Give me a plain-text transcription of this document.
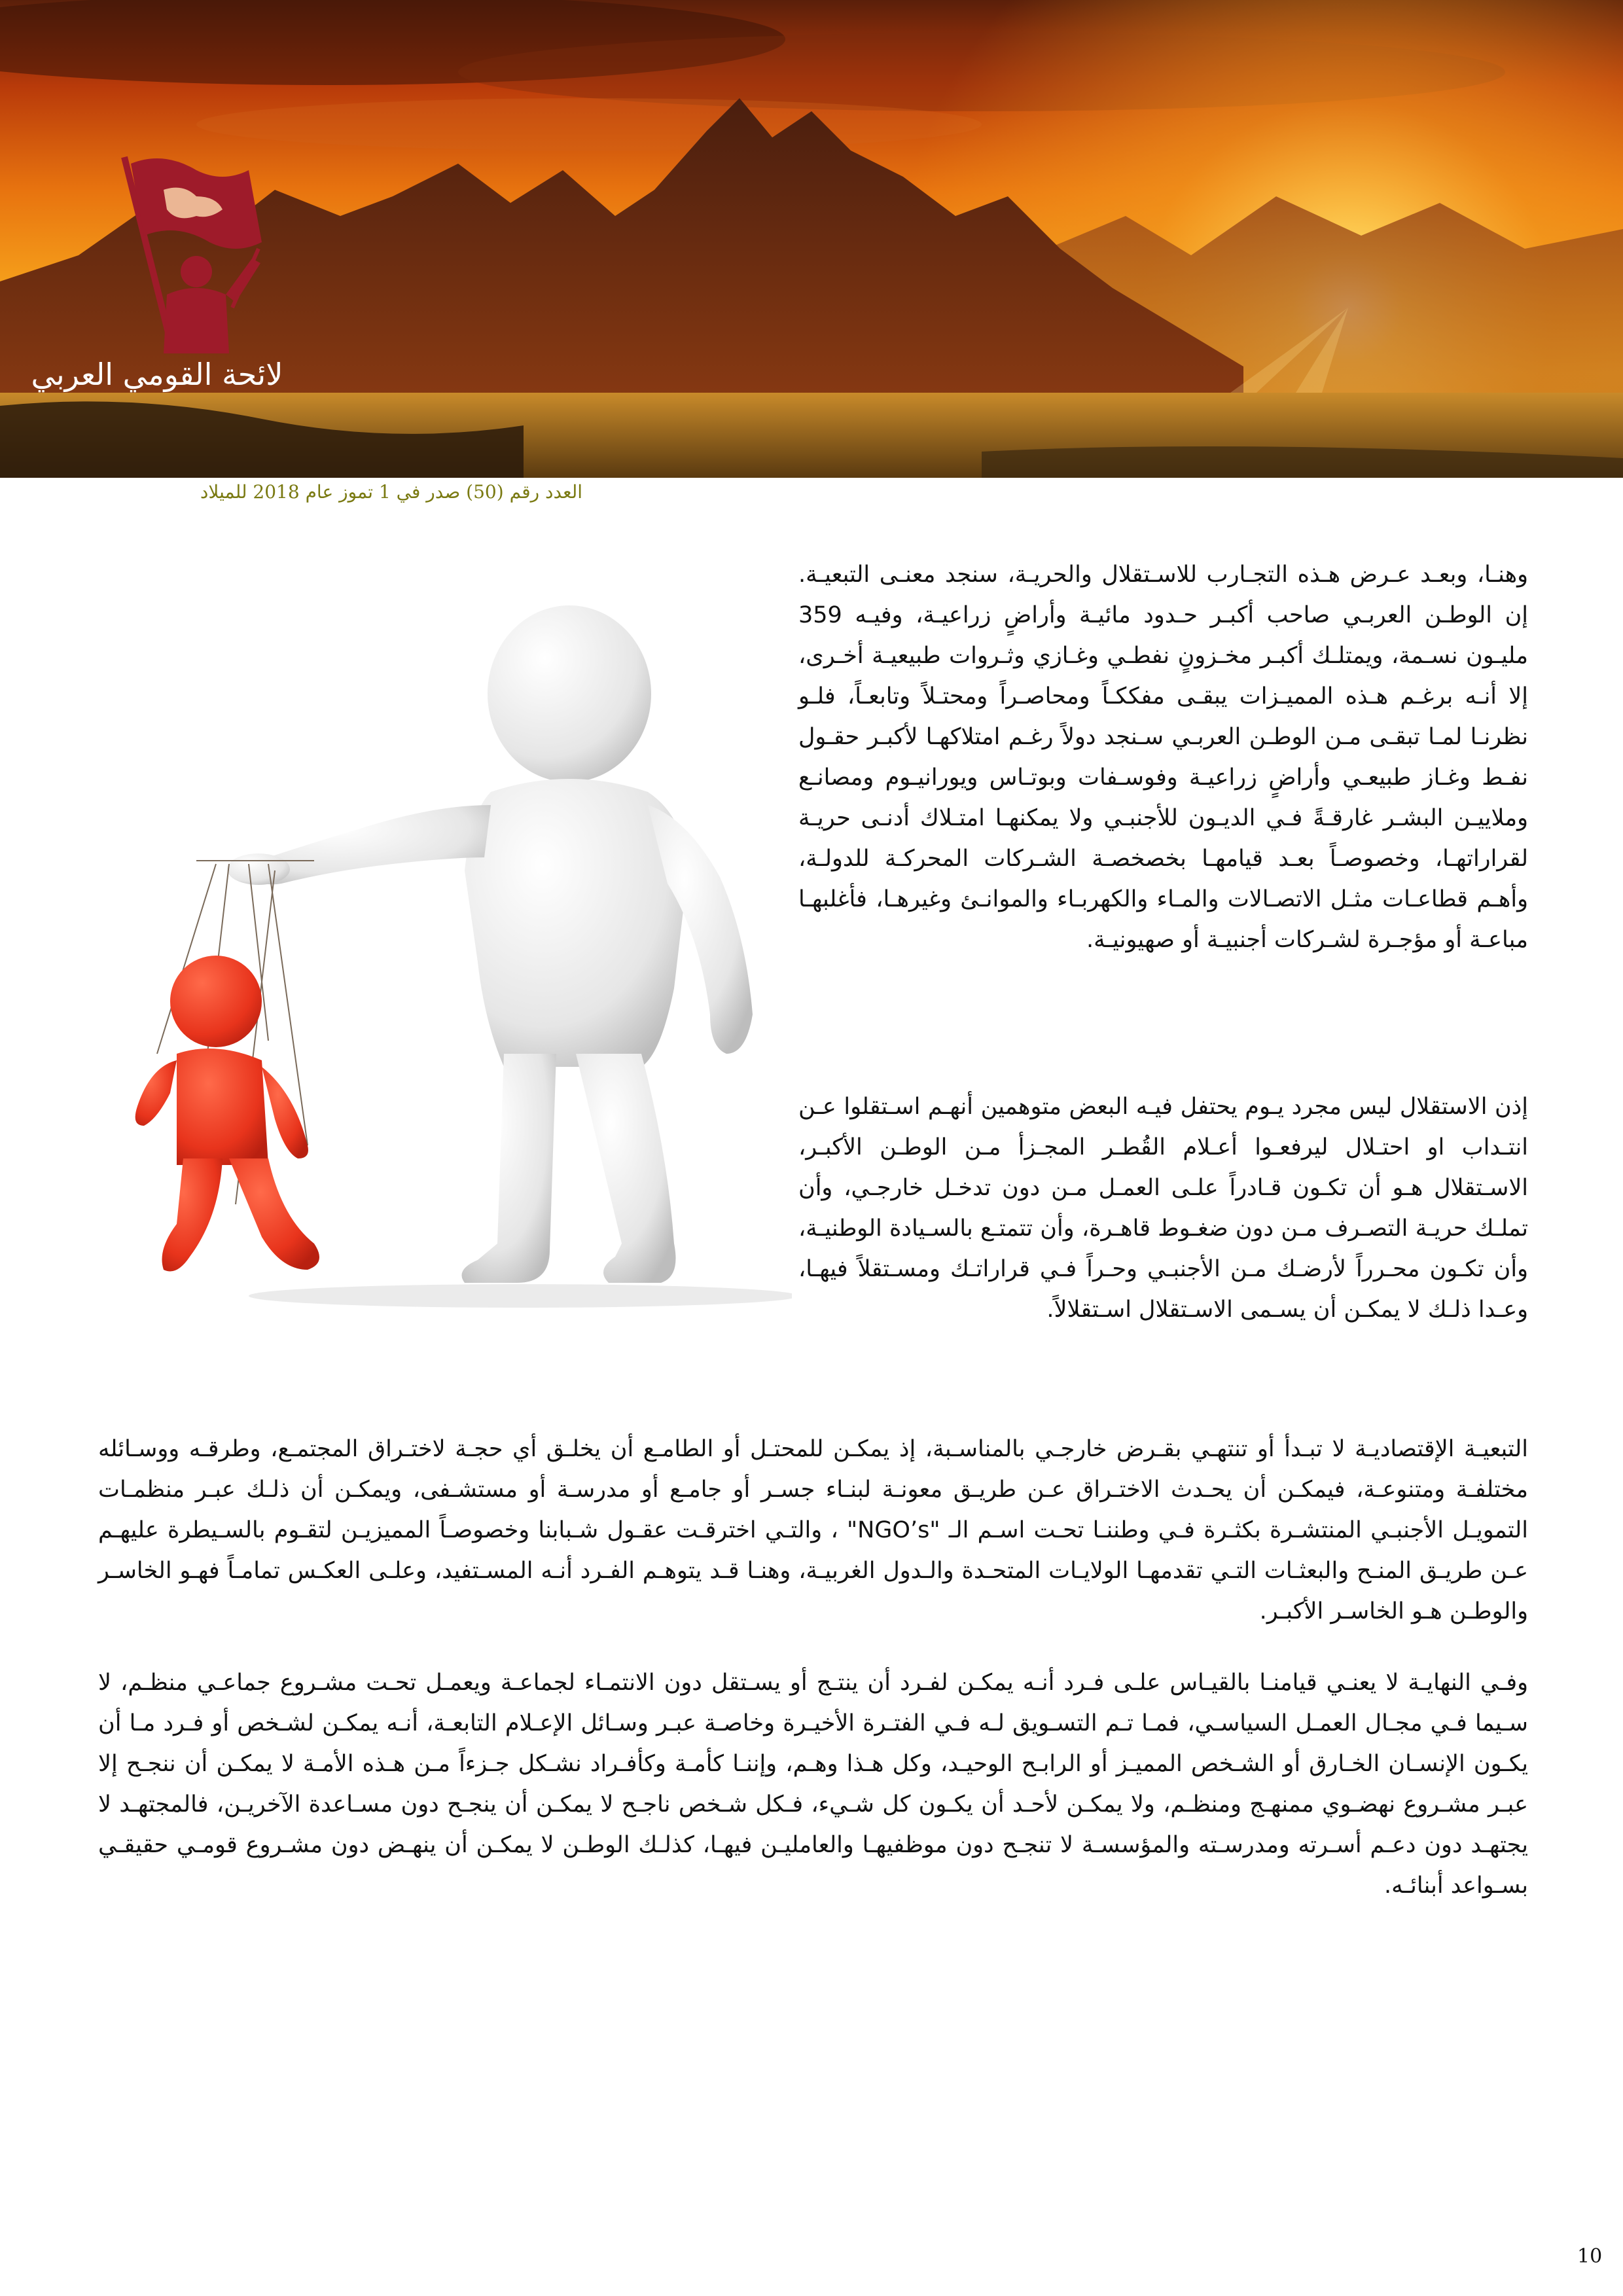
لائحة القومي العربي
العدد رقم (50) صدر في 1 تموز عام 2018 للميلاد

وهنـا، وبعـد عـرض هـذه التجـارب للاسـتقلال والحريـة، سنجد معنـى التبعيـة. إن الوطـن العربـي صاحب أكبـر حـدود مائيـة وأراضٍ زراعيـة، وفيـه 359 مليـون نسـمة، ويمتلـك أكبـر مخـزونٍ نفطـي وغـازي وثـروات طبيعيـة أخـرى، إلا أنـه برغـم هـذه المميـزات يبقـى مفككـاً ومحاصـراً ومحتـلاً وتابعـاً، فلـو نظرنـا لمـا تبقـى مـن الوطـن العربـي سـنجد دولاً رغـم امتلاكهـا لأكبـر حقـول نفـط وغـاز طبيعـي وأراضٍ زراعيـة وفوسـفات وبوتـاس ويورانيـوم ومصانـع وملاييـن البشـر غارقـةً فـي الديـون للأجنبـي ولا يمكنهـا امتـلاك أدنـى حريـة لقراراتهـا، وخصوصـاً بعـد قيامهـا بخصخصـة الشـركات المحركـة للدولـة، وأهـم قطاعـات مثـل الاتصـالات والمـاء والكهربـاء والموانـئ وغيرهـا، فأغلبهـا مباعـة أو مؤجـرة لشـركات أجنبيـة أو صهيونيـة.

إذن الاستقلال ليس مجرد يـوم يحتفل فيـه البعض متوهمين أنهـم اسـتقلوا عـن انتـداب او احتـلال ليرفعـوا أعـلام القُطـر المجـزأ مـن الوطـن الأكبـر، الاسـتقلال هـو أن تكـون قـادراً علـى العمـل مـن دون تدخـل خارجـي، وأن تملـك حريـة التصـرف مـن دون ضغـوط قاهـرة، وأن تتمتـع بالسـيادة الوطنيـة، وأن تكـون محـرراً لأرضـك مـن الأجنبـي وحـراً فـي قراراتـك ومسـتقلاً فيهـا، وعـدا ذلـك لا يمكـن أن يسـمى الاسـتقلال اسـتقلالاً.

التبعيـة الإقتصاديـة لا تبـدأ أو تنتهـي بقـرض خارجـي بالمناسـبة، إذ يمكـن للمحتـل أو الطامـع أن يخلـق أي حجـة لاختـراق المجتمـع، وطرقـه ووسـائله مختلفـة ومتنوعـة، فيمكـن أن يحـدث الاختـراق عـن طريـق معونـة لبنـاء جسـر أو جامـع أو مدرسـة أو مستشـفى، ويمكـن أن ذلـك عبـر منظمـات التمويـل الأجنبـي المنتشـرة بكثـرة فـي وطننـا تحـت اسـم الـ "NGO’s" ، والتـي اخترقـت عقـول شـبابنا وخصوصـاً المميزيـن لتقـوم بالسـيطرة عليهـم عـن طريـق المنـح والبعثـات التـي تقدمهـا الولايـات المتحـدة والـدول الغربيـة، وهنـا قـد يتوهـم الفـرد أنـه المسـتفيد، وعلـى العكـس تمامـاً فهـو الخاسـر والوطـن هـو الخاسـر الأكبـر.

وفـي النهايـة لا يعنـي قيامنـا بالقيـاس علـى فـرد أنـه يمكـن لفـرد أن ينتـج أو يسـتقل دون الانتمـاء لجماعـة ويعمـل تحـت مشـروع جماعـي منظـم، لا سـيما فـي مجـال العمـل السياسـي، فمـا تـم التسـويق لـه فـي الفتـرة الأخيـرة وخاصـة عبـر وسـائل الإعـلام التابعـة، أنـه يمكـن لشـخص أو فـرد مـا أن يكـون الإنسـان الخـارق أو الشـخص المميـز أو الرابـح الوحيـد، وكل هـذا وهـم، وإننـا كأمـة وكأفـراد نشـكل جـزءاً مـن هـذه الأمـة لا يمكـن أن ننجـح إلا عبـر مشـروع نهضـوي ممنهـج ومنظـم، ولا يمكـن لأحـد أن يكـون كل شـيء، فـكل شـخص ناجـح لا يمكـن أن ينجـح دون مسـاعدة الآخريـن، فالمجتهـد لا يجتهـد دون دعـم أسـرته ومدرسـته والمؤسسـة لا تنجـح دون موظفيهـا والعامليـن فيهـا، كذلـك الوطـن لا يمكـن أن ينهـض دون مشـروع قومـي حقيقـي بسـواعد أبنائـه.

10
